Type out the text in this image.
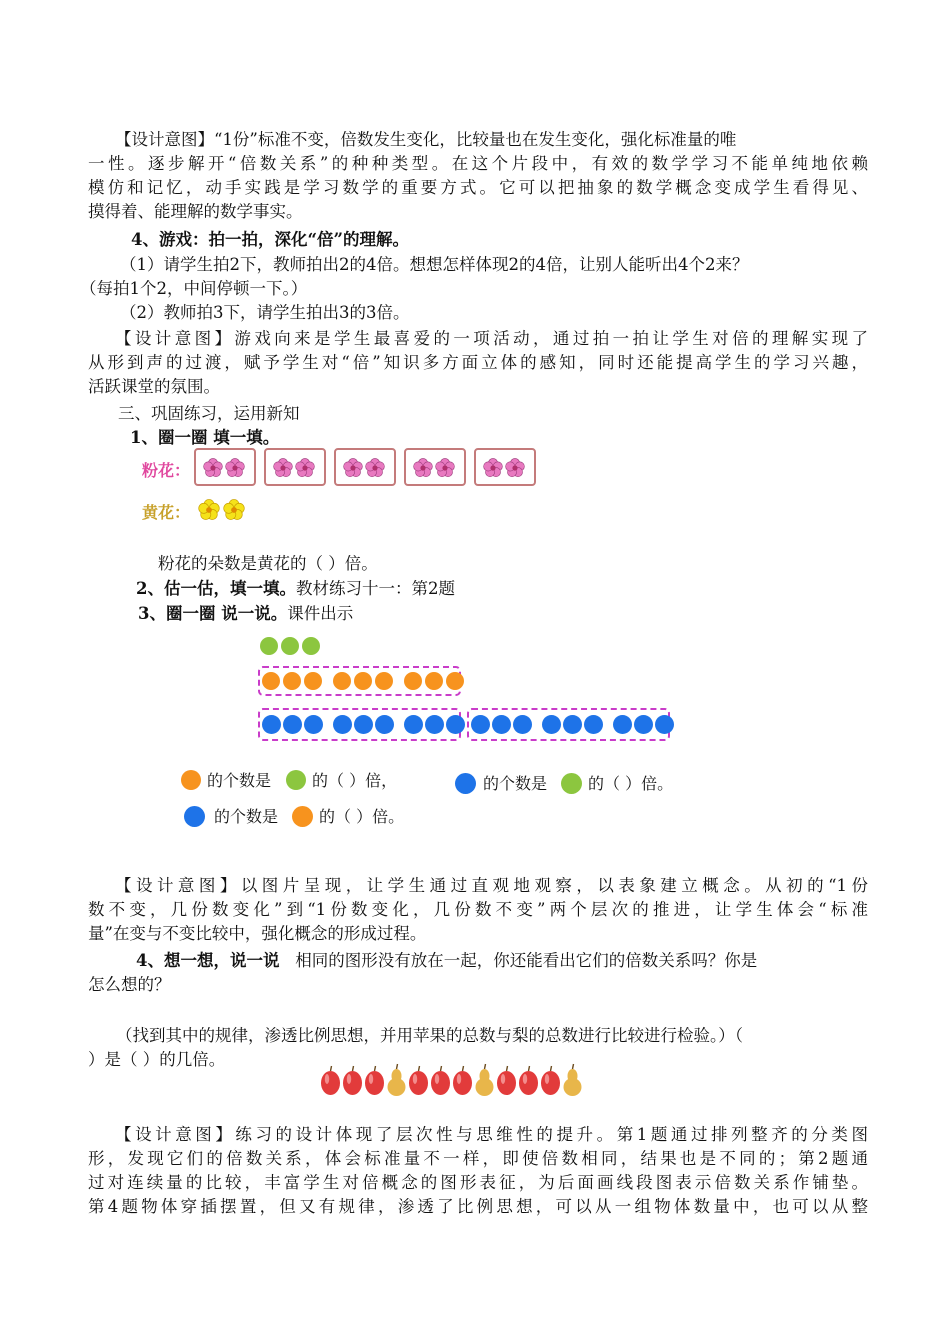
【设计意图】“1份”标准不变，倍数发生变化，比较量也在发生变化，强化标准量的唯
一性。逐步解开“倍数关系”的种种类型。在这个片段中，有效的数学学习不能单纯地依赖
模仿和记忆，动手实践是学习数学的重要方式。它可以把抽象的数学概念变成学生看得见、
摸得着、能理解的数学事实。
4、游戏：拍一拍，深化“倍”的理解。
（1）请学生拍2下，教师拍出2的4倍。想想怎样体现2的4倍，让别人能听出4个2来？
（每拍1个2，中间停顿一下。）
（2）教师拍3下，请学生拍出3的3倍。
【设计意图】游戏向来是学生最喜爱的一项活动，通过拍一拍让学生对倍的理解实现了
从形到声的过渡，赋予学生对“倍”知识多方面立体的感知，同时还能提高学生的学习兴趣，
活跃课堂的氛围。
三、巩固练习，运用新知
1、圈一圈 填一填。
粉花：
黄花：
粉花的朵数是黄花的（ ）倍。
2、估一估，填一填。教材练习十一：第2题
3、圈一圈 说一说。课件出示
的个数是	的（ ）倍，	的个数是	的（ ）倍。
的个数是	的（ ）倍。
【设计意图】以图片呈现，让学生通过直观地观察，以表象建立概念。从初的“1份
数不变，几份数变化”到“1份数变化，几份数不变”两个层次的推进，让学生体会“标准
量”在变与不变比较中，强化概念的形成过程。
4、想一想，说一说 相同的图形没有放在一起，你还能看出它们的倍数关系吗？你是
怎么想的？
（找到其中的规律，渗透比例思想，并用苹果的总数与梨的总数进行比较进行检验。）（
）是（ ）的几倍。
【设计意图】练习的设计体现了层次性与思维性的提升。第1题通过排列整齐的分类图
形，发现它们的倍数关系，体会标准量不一样，即使倍数相同，结果也是不同的；第2题通
过对连续量的比较，丰富学生对倍概念的图形表征，为后面画线段图表示倍数关系作铺垫。
第4题物体穿插摆置，但又有规律，渗透了比例思想，可以从一组物体数量中，也可以从整
